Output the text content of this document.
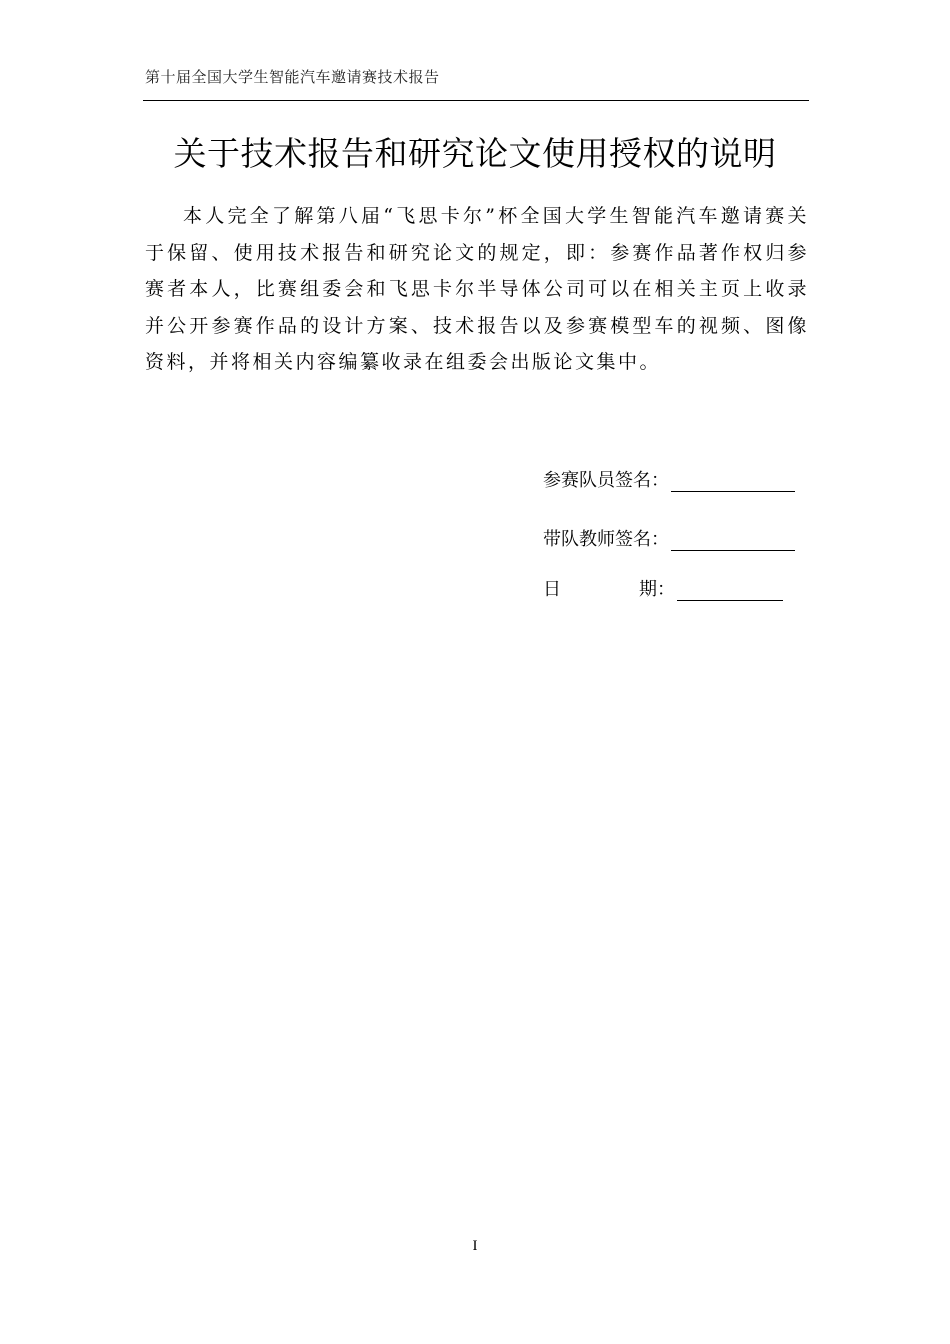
第十届全国大学生智能汽车邀请赛技术报告
关于技术报告和研究论文使用授权的说明

本人完全了解第八届“飞思卡尔”杯全国大学生智能汽车邀请赛关于保留、使用技术报告和研究论文的规定，即：参赛作品著作权归参赛者本人，比赛组委会和飞思卡尔半导体公司可以在相关主页上收录并公开参赛作品的设计方案、技术报告以及参赛模型车的视频、图像资料，并将相关内容编纂收录在组委会出版论文集中。

参赛队员签名：
带队教师签名：
日	期：
I
